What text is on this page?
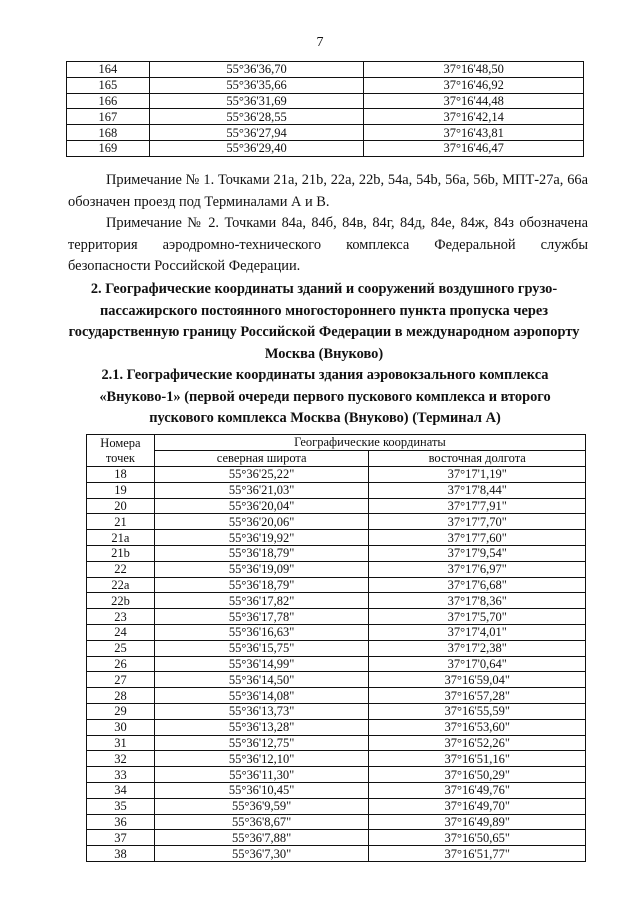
7
164	55°36'36,70	37°16'48,50
165	55°36'35,66	37°16'46,92
166	55°36'31,69	37°16'44,48
167	55°36'28,55	37°16'42,14
168	55°36'27,94	37°16'43,81
169	55°36'29,40	37°16'46,47

Примечание № 1. Точками 21a, 21b, 22a, 22b, 54a, 54b, 56a, 56b, МПТ-27а, 66а обозначен проезд под Терминалами А и В.

Примечание № 2. Точками 84а, 84б, 84в, 84г, 84д, 84е, 84ж, 84з обозначена территория аэродромно-технического комплекса Федеральной службы безопасности Российской Федерации.

2. Географические координаты зданий и сооружений воздушного грузо-пассажирского постоянного многостороннего пункта пропуска через государственную границу Российской Федерации в международном аэропорту Москва (Внуково)
2.1. Географические координаты здания аэровокзального комплекса «Внуково-1» (первой очереди первого пускового комплекса и второго пускового комплекса Москва (Внуково) (Терминал А)
Номера точек	Географические координаты	
	северная широта	восточная долгота
18	55°36'25,22"	37°17'1,19"
19	55°36'21,03"	37°17'8,44"
20	55°36'20,04"	37°17'7,91"
21	55°36'20,06"	37°17'7,70"
21a	55°36'19,92"	37°17'7,60"
21b	55°36'18,79"	37°17'9,54"
22	55°36'19,09"	37°17'6,97"
22a	55°36'18,79"	37°17'6,68"
22b	55°36'17,82"	37°17'8,36"
23	55°36'17,78"	37°17'5,70"
24	55°36'16,63"	37°17'4,01"
25	55°36'15,75"	37°17'2,38"
26	55°36'14,99"	37°17'0,64"
27	55°36'14,50"	37°16'59,04"
28	55°36'14,08"	37°16'57,28"
29	55°36'13,73"	37°16'55,59"
30	55°36'13,28"	37°16'53,60"
31	55°36'12,75"	37°16'52,26"
32	55°36'12,10"	37°16'51,16"
33	55°36'11,30"	37°16'50,29"
34	55°36'10,45"	37°16'49,76"
35	55°36'9,59"	37°16'49,70"
36	55°36'8,67"	37°16'49,89"
37	55°36'7,88"	37°16'50,65"
38	55°36'7,30"	37°16'51,77"
